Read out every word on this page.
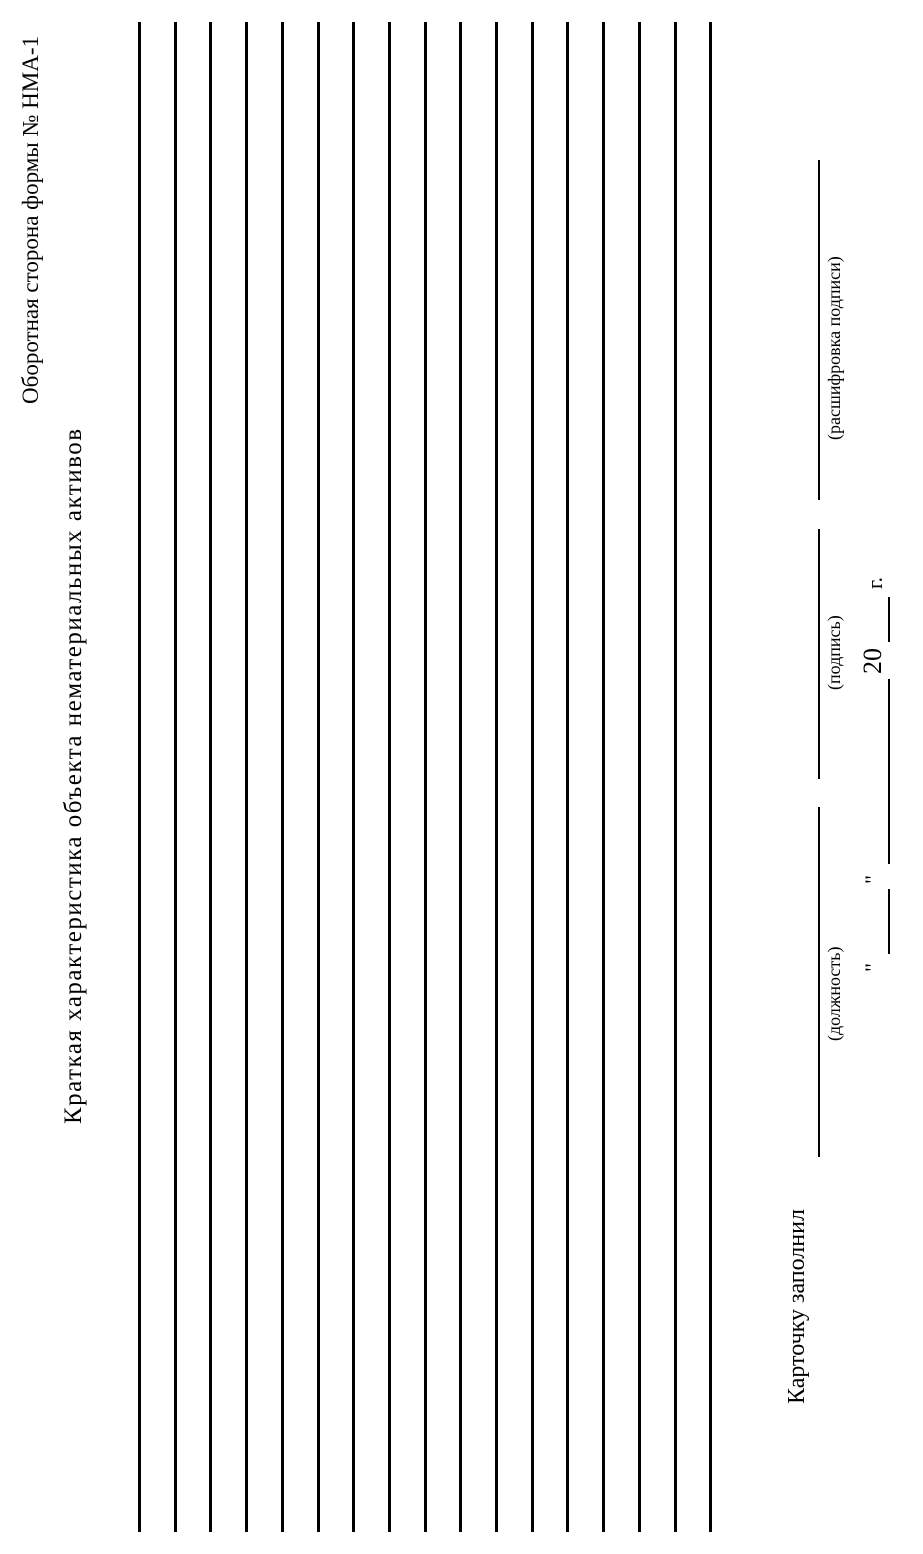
Оборотная сторона формы № НМА-1
Краткая характеристика объекта нематериальных активов
Карточку заполнил
(должность)
(подпись)
(расшифровка подписи)
"
"
20
г.
